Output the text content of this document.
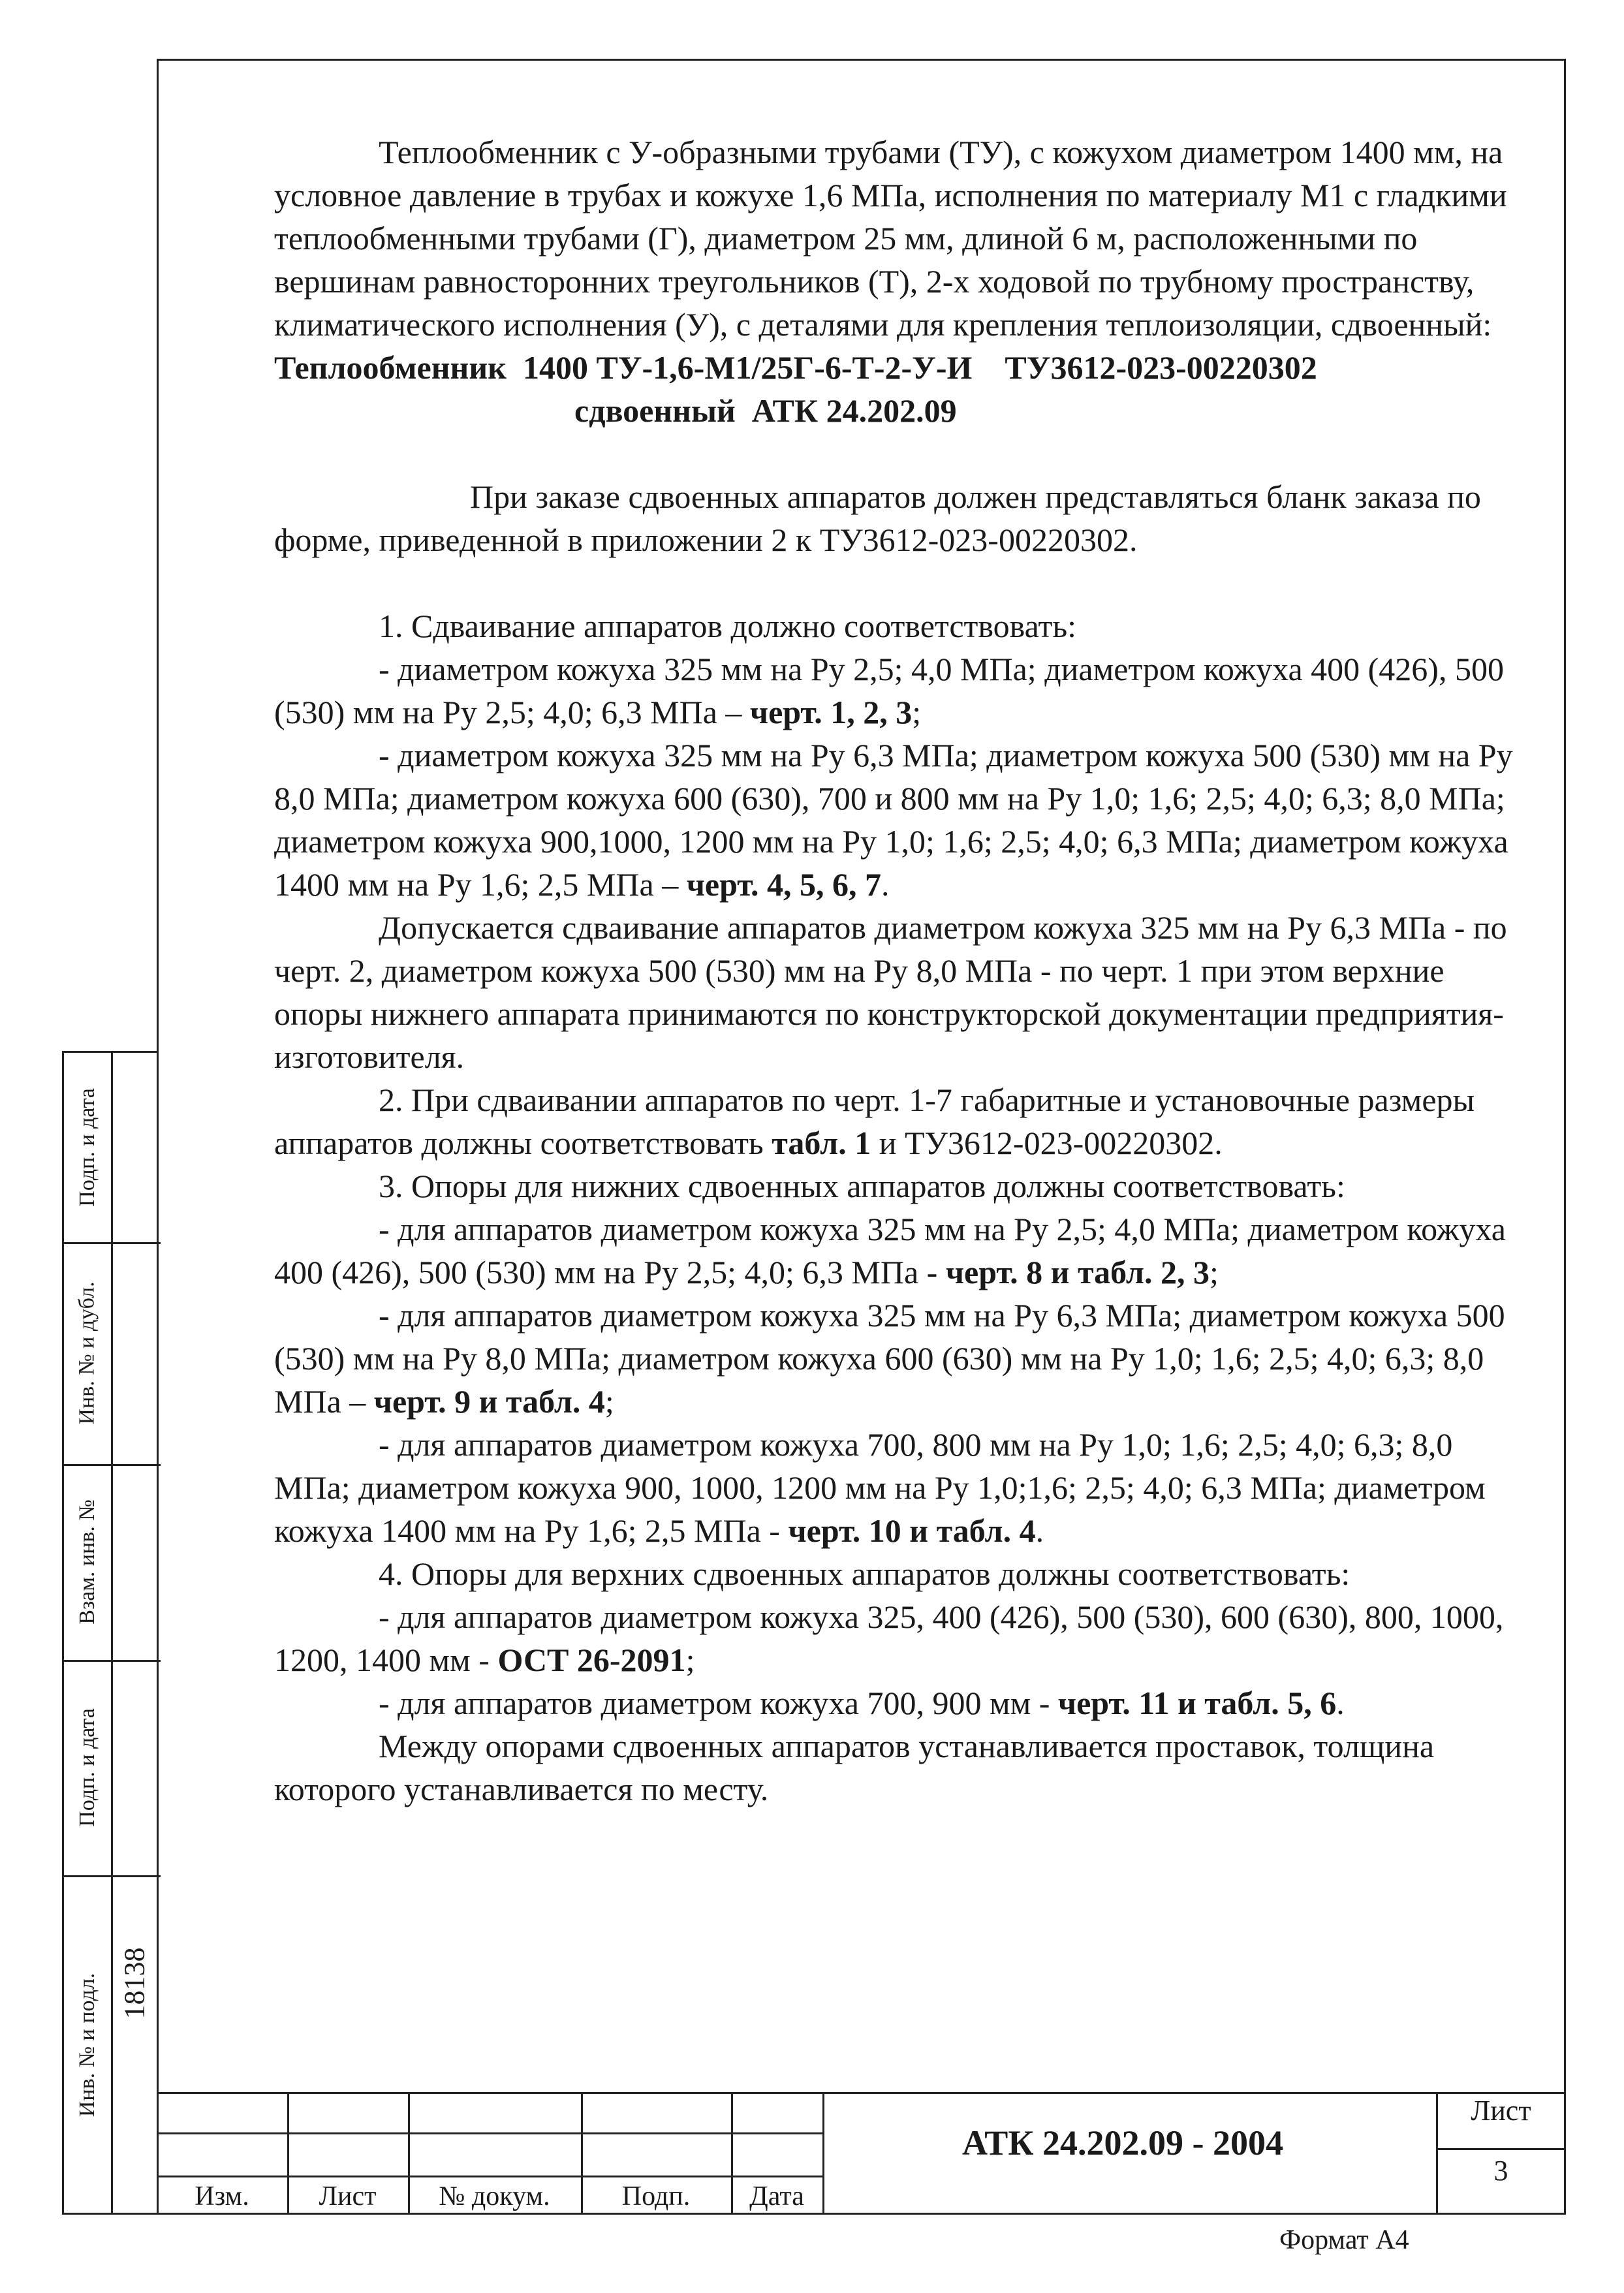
Теплообменник с У-образными трубами (ТУ), с кожухом диаметром 1400 мм, на условное давление в трубах и кожухе 1,6 МПа, исполнения по материалу М1 с гладкими теплообменными трубами (Г), диаметром 25 мм, длиной 6 м, расположенными по вершинам равносторонних треугольников (Т), 2-х ходовой по трубному пространству, климатического исполнения (У), с деталями для крепления теплоизоляции, сдвоенный:

Теплообменник  1400 ТУ-1,6-М1/25Г-6-Т-2-У-И    ТУ3612-023-00220302

сдвоенный  АТК 24.202.09

При заказе сдвоенных аппаратов должен представляться бланк заказа по форме, приведенной в приложении 2 к ТУ3612-023-00220302.

1. Сдваивание аппаратов должно соответствовать:

- диаметром кожуха 325 мм на Ру 2,5; 4,0 МПа; диаметром кожуха 400 (426), 500 (530) мм на Ру 2,5; 4,0; 6,3 МПа – черт. 1, 2, 3;

- диаметром кожуха 325 мм на Ру 6,3 МПа; диаметром кожуха 500 (530) мм на Ру 8,0 МПа; диаметром кожуха 600 (630), 700 и 800 мм на Ру 1,0; 1,6; 2,5; 4,0; 6,3; 8,0 МПа; диаметром кожуха 900,1000, 1200 мм на Ру 1,0; 1,6; 2,5; 4,0; 6,3 МПа; диаметром кожуха 1400 мм на Ру 1,6; 2,5 МПа – черт. 4, 5, 6, 7.

Допускается сдваивание аппаратов диаметром кожуха 325 мм на Ру 6,3 МПа - по черт. 2, диаметром кожуха 500 (530) мм на Ру 8,0 МПа - по черт. 1 при этом верхние опоры нижнего аппарата принимаются по конструкторской документации предприятия-изготовителя.

2. При сдваивании аппаратов по черт. 1-7 габаритные и установочные размеры аппаратов должны соответствовать табл. 1 и ТУ3612-023-00220302.

3. Опоры для нижних сдвоенных аппаратов должны соответствовать:

- для аппаратов диаметром кожуха 325 мм на Ру 2,5; 4,0 МПа; диаметром кожуха 400 (426), 500 (530) мм на Ру 2,5; 4,0; 6,3 МПа - черт. 8 и табл. 2, 3;

- для аппаратов диаметром кожуха 325 мм на Ру 6,3 МПа; диаметром кожуха 500 (530) мм на Ру 8,0 МПа; диаметром кожуха 600 (630) мм на Ру 1,0; 1,6; 2,5; 4,0; 6,3; 8,0 МПа – черт. 9 и табл. 4;

- для аппаратов диаметром кожуха 700, 800 мм на Ру 1,0; 1,6; 2,5; 4,0; 6,3; 8,0 МПа; диаметром кожуха 900, 1000, 1200 мм на Ру 1,0;1,6; 2,5; 4,0; 6,3 МПа; диаметром кожуха 1400 мм на Ру 1,6; 2,5 МПа - черт. 10 и табл. 4.

4. Опоры для верхних сдвоенных аппаратов должны соответствовать:

- для аппаратов диаметром кожуха 325, 400 (426), 500 (530), 600 (630), 800, 1000, 1200, 1400 мм - ОСТ 26-2091;

- для аппаратов диаметром кожуха 700, 900 мм - черт. 11 и табл. 5, 6.

Между опорами сдвоенных аппаратов устанавливается проставок, толщина которого устанавливается по месту.

Подп. и дата
Инв. № и дубл.
Взам. инв. №
Подп. и дата
Инв. № и подл. 18138
Изм.	Лист	№ докум.	Подп.	Дата
АТК 24.202.09 - 2004
Лист
3
Формат А4
